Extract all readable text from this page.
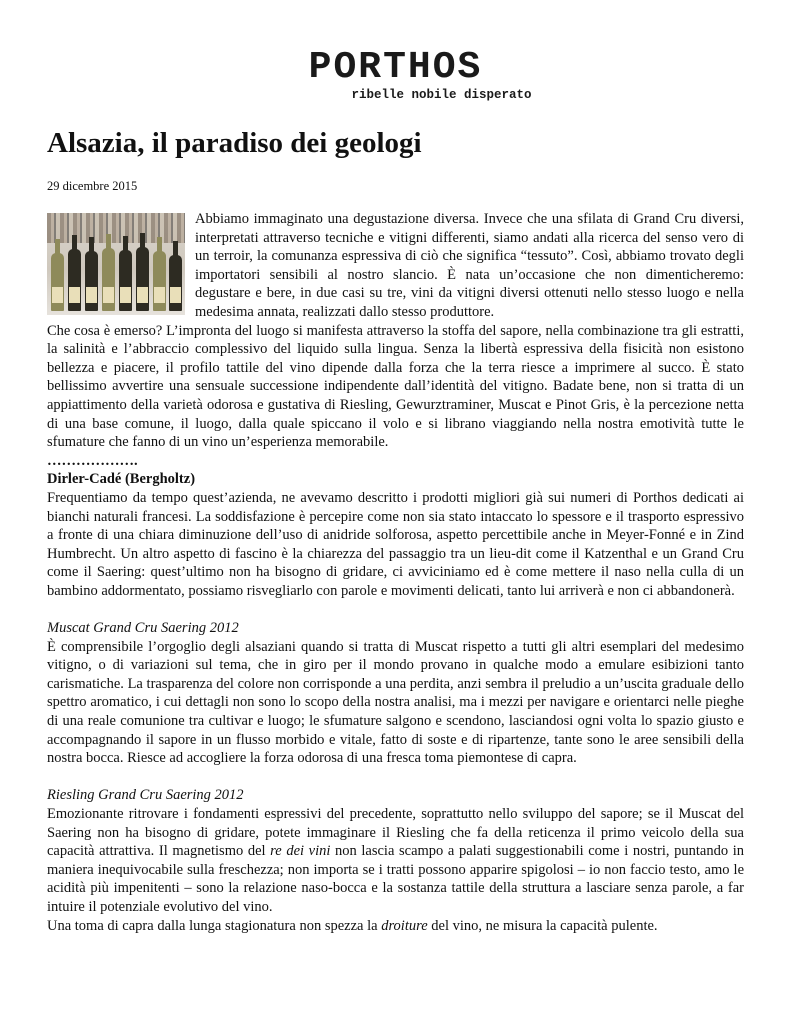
PORTHOS
ribelle nobile disperato
Alsazia, il paradiso dei geologi
29 dicembre 2015

Abbiamo immaginato una degustazione diversa. Invece che una sfilata di Grand Cru diversi, interpretati attraverso tecniche e vitigni differenti, siamo andati alla ricerca del senso vero di un terroir, la comunanza espressiva di ciò che significa “tessuto”. Così, abbiamo trovato degli importatori sensibili al nostro slancio. È nata un’occasione che non dimenticheremo: degustare e bere, in due casi su tre, vini da vitigni diversi ottenuti nello stesso luogo e nella medesima annata, realizzati dallo stesso produttore.

Che cosa è emerso? L’impronta del luogo si manifesta attraverso la stoffa del sapore, nella combinazione tra gli estratti, la salinità e l’abbraccio complessivo del liquido sulla lingua. Senza la libertà espressiva della fisicità non esistono bellezza e piacere, il profilo tattile del vino dipende dalla forza che la terra riesce a imprimere al succo. È stato bellissimo avvertire una sensuale successione indipendente dall’identità del vitigno. Badate bene, non si tratta di un appiattimento della varietà odorosa e gustativa di Riesling, Gewurztraminer, Muscat e Pinot Gris, è la percezione netta di una base comune, il luogo, dalla quale spiccano il volo e si librano viaggiando nella nostra emotività tutte le sfumature che fanno di un vino un’esperienza memorabile.

……………….

Dirler-Cadé (Bergholtz)

Frequentiamo da tempo quest’azienda, ne avevamo descritto i prodotti migliori già sui numeri di Porthos dedicati ai bianchi naturali francesi. La soddisfazione è percepire come non sia stato intaccato lo spessore e il trasporto espressivo a fronte di una chiara diminuzione dell’uso di anidride solforosa, aspetto percettibile anche in Meyer-Fonné e in Zind Humbrecht. Un altro aspetto di fascino è la chiarezza del passaggio tra un lieu-dit come il Katzenthal e un Grand Cru come il Saering: quest’ultimo non ha bisogno di gridare, ci avviciniamo ed è come mettere il naso nella culla di un bambino addormentato, possiamo risvegliarlo con parole e movimenti delicati, tanto lui arriverà e non ci abbandonerà.

Muscat Grand Cru Saering 2012

È comprensibile l’orgoglio degli alsaziani quando si tratta di Muscat rispetto a tutti gli altri esemplari del medesimo vitigno, o di variazioni sul tema, che in giro per il mondo provano in qualche modo a emulare esibizioni tanto carismatiche. La trasparenza del colore non corrisponde a una perdita, anzi sembra il preludio a un’uscita graduale dello spettro aromatico, i cui dettagli non sono lo scopo della nostra analisi, ma i mezzi per navigare e orientarci nelle pieghe di una reale comunione tra cultivar e luogo; le sfumature salgono e scendono, lasciandosi ogni volta lo spazio giusto e accompagnando il sapore in un flusso morbido e vitale, fatto di soste e di ripartenze, tante sono le aree sensibili della nostra bocca. Riesce ad accogliere la forza odorosa di una fresca toma piemontese di capra.

Riesling Grand Cru Saering 2012

Emozionante ritrovare i fondamenti espressivi del precedente, soprattutto nello sviluppo del sapore; se il Muscat del Saering non ha bisogno di gridare, potete immaginare il Riesling che fa della reticenza il primo veicolo della sua capacità attrattiva. Il magnetismo del re dei vini non lascia scampo a palati suggestionabili come i nostri, puntando in maniera inequivocabile sulla freschezza; non importa se i tratti possono apparire spigolosi – io non faccio testo, amo le acidità più impenitenti – sono la relazione naso-bocca e la sostanza tattile della struttura a lasciare senza parole, a far intuire il potenziale evolutivo del vino.

Una toma di capra dalla lunga stagionatura non spezza la droiture del vino, ne misura la capacità pulente.
